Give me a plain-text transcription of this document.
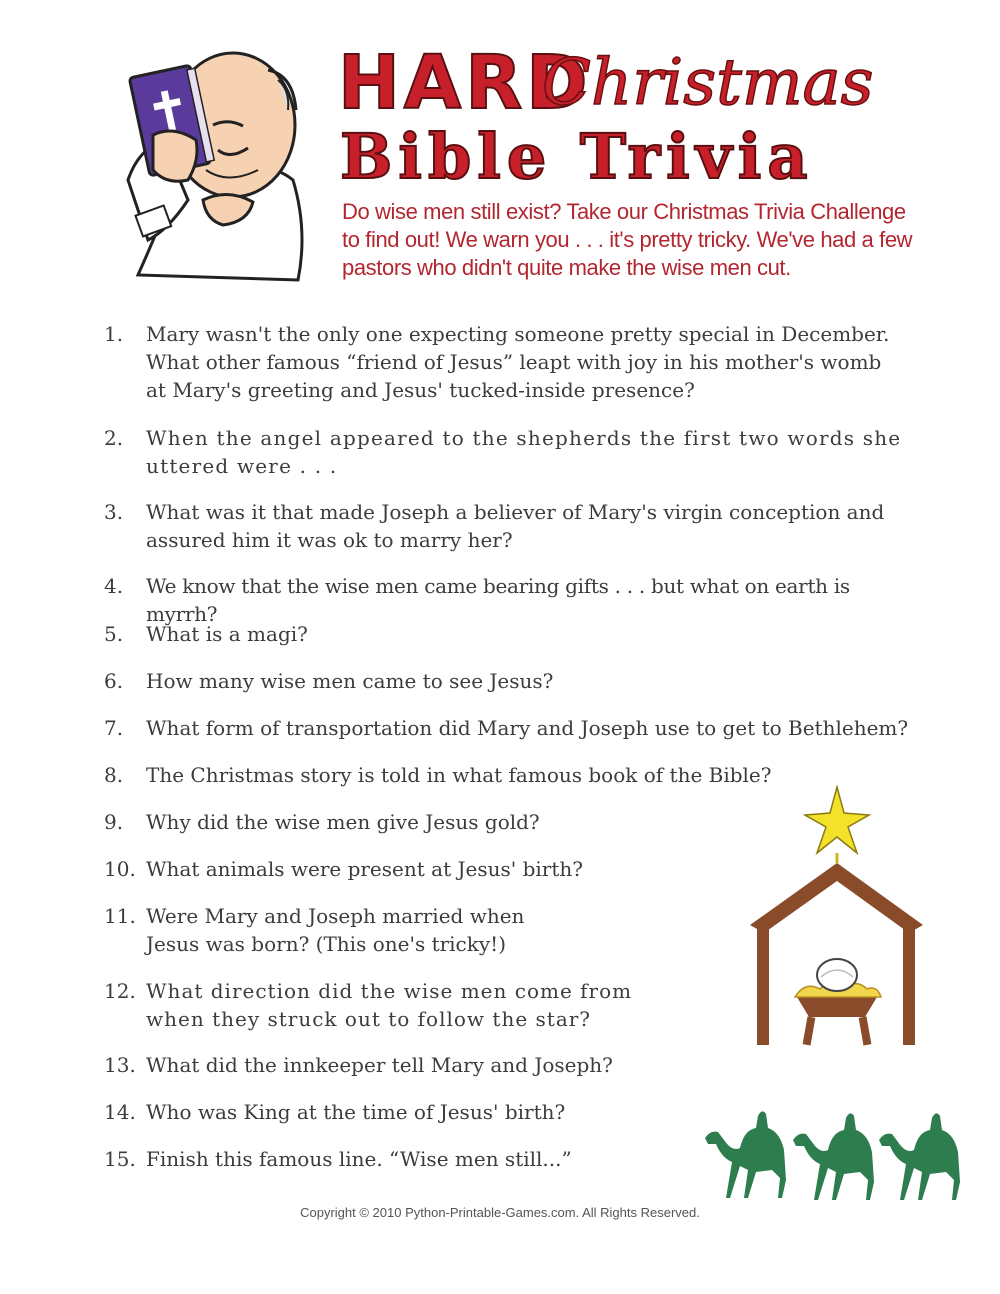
HARD
Christmas
Bible Trivia
Do wise men still exist? Take our Christmas Trivia Challenge to find out! We warn you . . . it's pretty tricky. We've had a few pastors who didn't quite make the wise men cut.
1.	Mary wasn't the only one expecting someone pretty special in December. What other famous “friend of Jesus” leapt with joy in his mother's womb at Mary's greeting and Jesus' tucked-inside presence?
2.	When the angel appeared to the shepherds the first two words she uttered were . . .
3.	What was it that made Joseph a believer of Mary's virgin conception and assured him it was ok to marry her?
4.	We know that the wise men came bearing gifts . . . but what on earth is myrrh?
5.	What is a magi?
6.	How many wise men came to see Jesus?
7.	What form of transportation did Mary and Joseph use to get to Bethlehem?
8.	The Christmas story is told in what famous book of the Bible?
9.	Why did the wise men give Jesus gold?
10. What animals were present at Jesus' birth?
11. Were Mary and Joseph married when Jesus was born? (This one's tricky!)
12. What direction did the wise men come from when they struck out to follow the star?
13. What did the innkeeper tell Mary and Joseph?
14. Who was King at the time of Jesus' birth?
15. Finish this famous line. “Wise men still...”
Copyright © 2010 Python-Printable-Games.com. All Rights Reserved.
